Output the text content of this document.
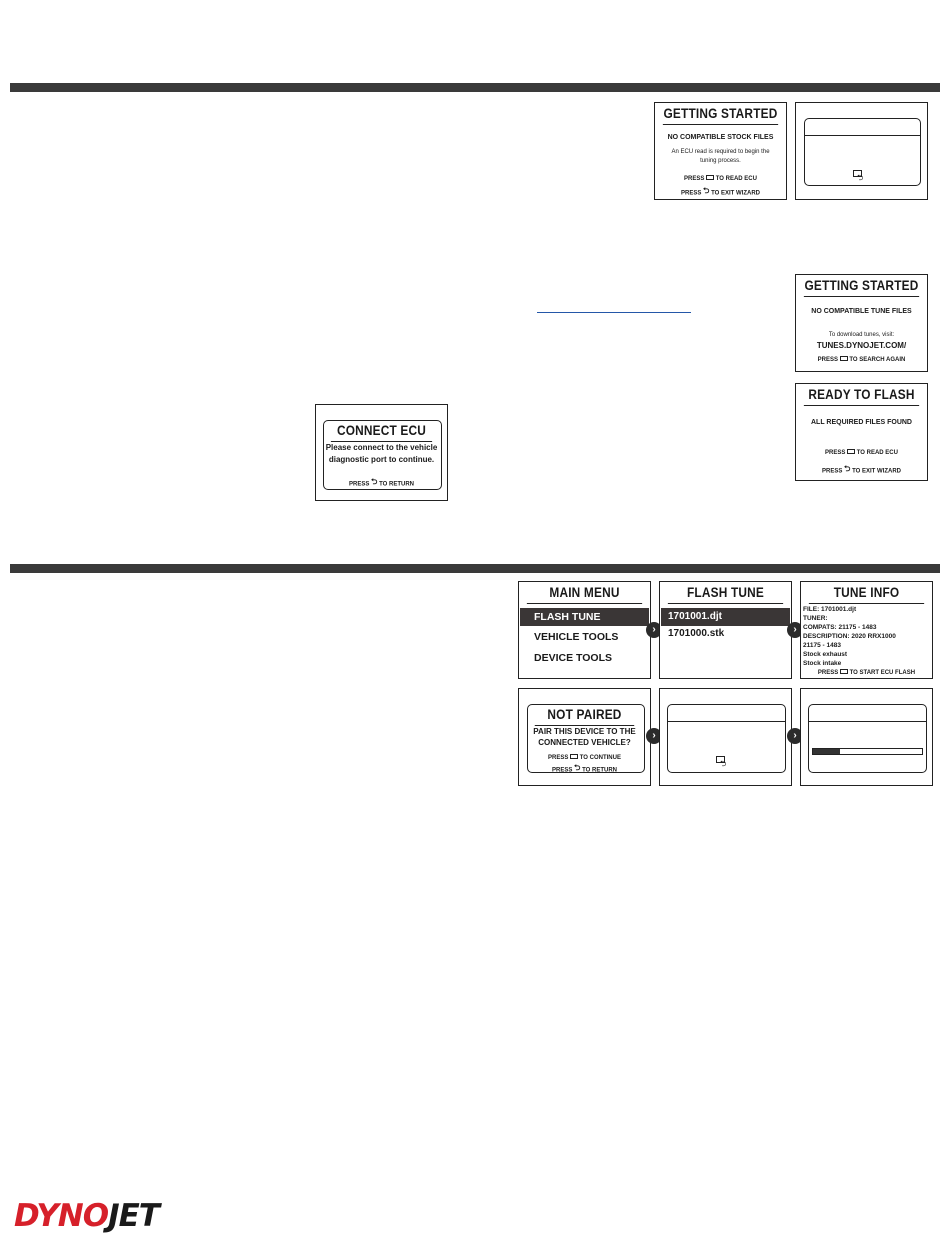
GETTING STARTED
NO COMPATIBLE STOCK FILES
An ECU read is required to begin the
tuning process.
PRESS TO READ ECU
PRESS ⮌ TO EXIT WIZARD
⮌
GETTING STARTED
NO COMPATIBLE TUNE FILES
To download tunes, visit:
TUNES.DYNOJET.COM/
PRESS TO SEARCH AGAIN
READY TO FLASH
ALL REQUIRED FILES FOUND
PRESS TO READ ECU
PRESS ⮌ TO EXIT WIZARD
CONNECT ECU
Please connect to the vehicle
diagnostic port to continue.
PRESS ⮌ TO RETURN
MAIN MENU
FLASH TUNE
VEHICLE TOOLS
DEVICE TOOLS
›
FLASH TUNE
1701001.djt
1701000.stk	›
TUNE INFO
FILE: 1701001.djt
TUNER:
COMPATS: 21175 - 1483
DESCRIPTION: 2020 RRX1000
21175 - 1483
Stock exhaust
Stock intake
PRESS TO START ECU FLASH
NOT PAIRED
PAIR THIS DEVICE TO THE
CONNECTED VEHICLE?
PRESS TO CONTINUE
PRESS ⮌ TO RETURN
›
⮌
›
DYNOJET
